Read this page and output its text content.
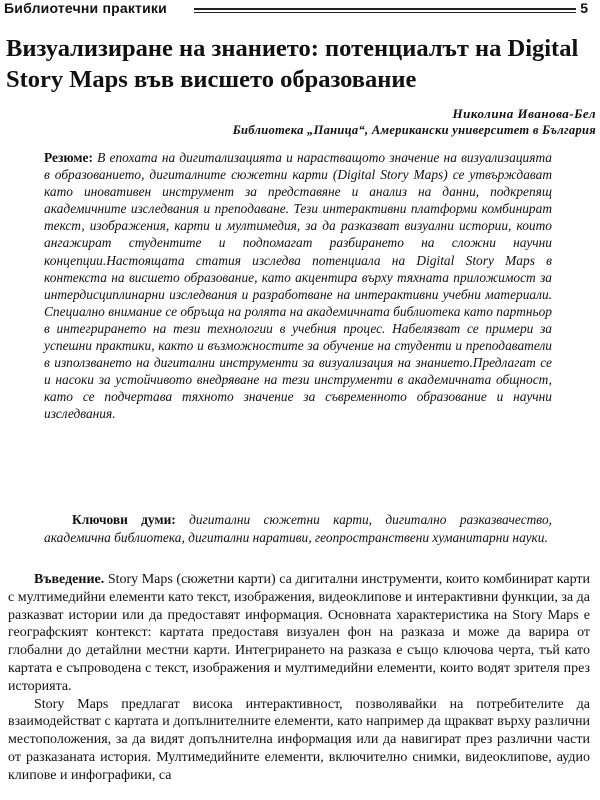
Библиотечни практики	5
Визуализиране на знанието: потенциалът на Digital Story Maps във висшето образование
Николина Иванова-Бел
Библиотека „Паница“, Американски университет в България

Резюме: В епохата на дигитализацията и нарастващото значение на визуализацията в образованието, дигиталните сюжетни карти (Digital Story Maps) се утвърждават като иновативен инструмент за представяне и анализ на данни, подкрепящ академичните изследвания и преподаване. Тези интерактивни платформи комбинират текст, изображения, карти и мултимедия, за да разказват визуални истории, които ангажират студентите и подпомагат разбирането на сложни научни концепции.Настоящата статия изследва потенциала на Digital Story Maps в контекста на висшето образование, като акцентира върху тяхната приложимост за интердисциплинарни изследвания и разработване на интерактивни учебни материали. Специално внимание се обръща на ролята на академичната библиотека като партньор в интегрирането на тези технологии в учебния процес. Набелязват се примери за успешни практики, както и възможностите за обучение на студенти и преподаватели в използването на дигитални инструменти за визуализация на знанието.Предлагат се и насоки за устойчивото внедряване на тези инструменти в академичната общност, като се подчертава тяхното значение за съвременното образование и научни изследвания.

Ключови думи: дигитални сюжетни карти, дигитално разказвачество, академична библиотека, дигитални наративи, геопространствени хуманитарни науки.

Въведение. Story Maps (сюжетни карти) са дигитални инструменти, които комбинират карти с мултимедийни елементи като текст, изображения, видеоклипове и интерактивни функции, за да разказват истории или да предоставят информация. Основната характеристика на Story Maps е географският контекст: картата предоставя визуален фон на разказа и може да варира от глобални до детайлни местни карти. Интегрирането на разказа е също ключова черта, тъй като картата е съпроводена с текст, изображения и мултимедийни елементи, които водят зрителя през историята.

Story Maps предлагат висока интерактивност, позволявайки на потребителите да взаимодействат с картата и допълнителните елементи, като например да щракват върху различни местоположения, за да видят допълнителна информация или да навигират през различни части от разказаната история. Мултимедийните елементи, включително снимки, видеоклипове, аудио клипове и инфографики, са
